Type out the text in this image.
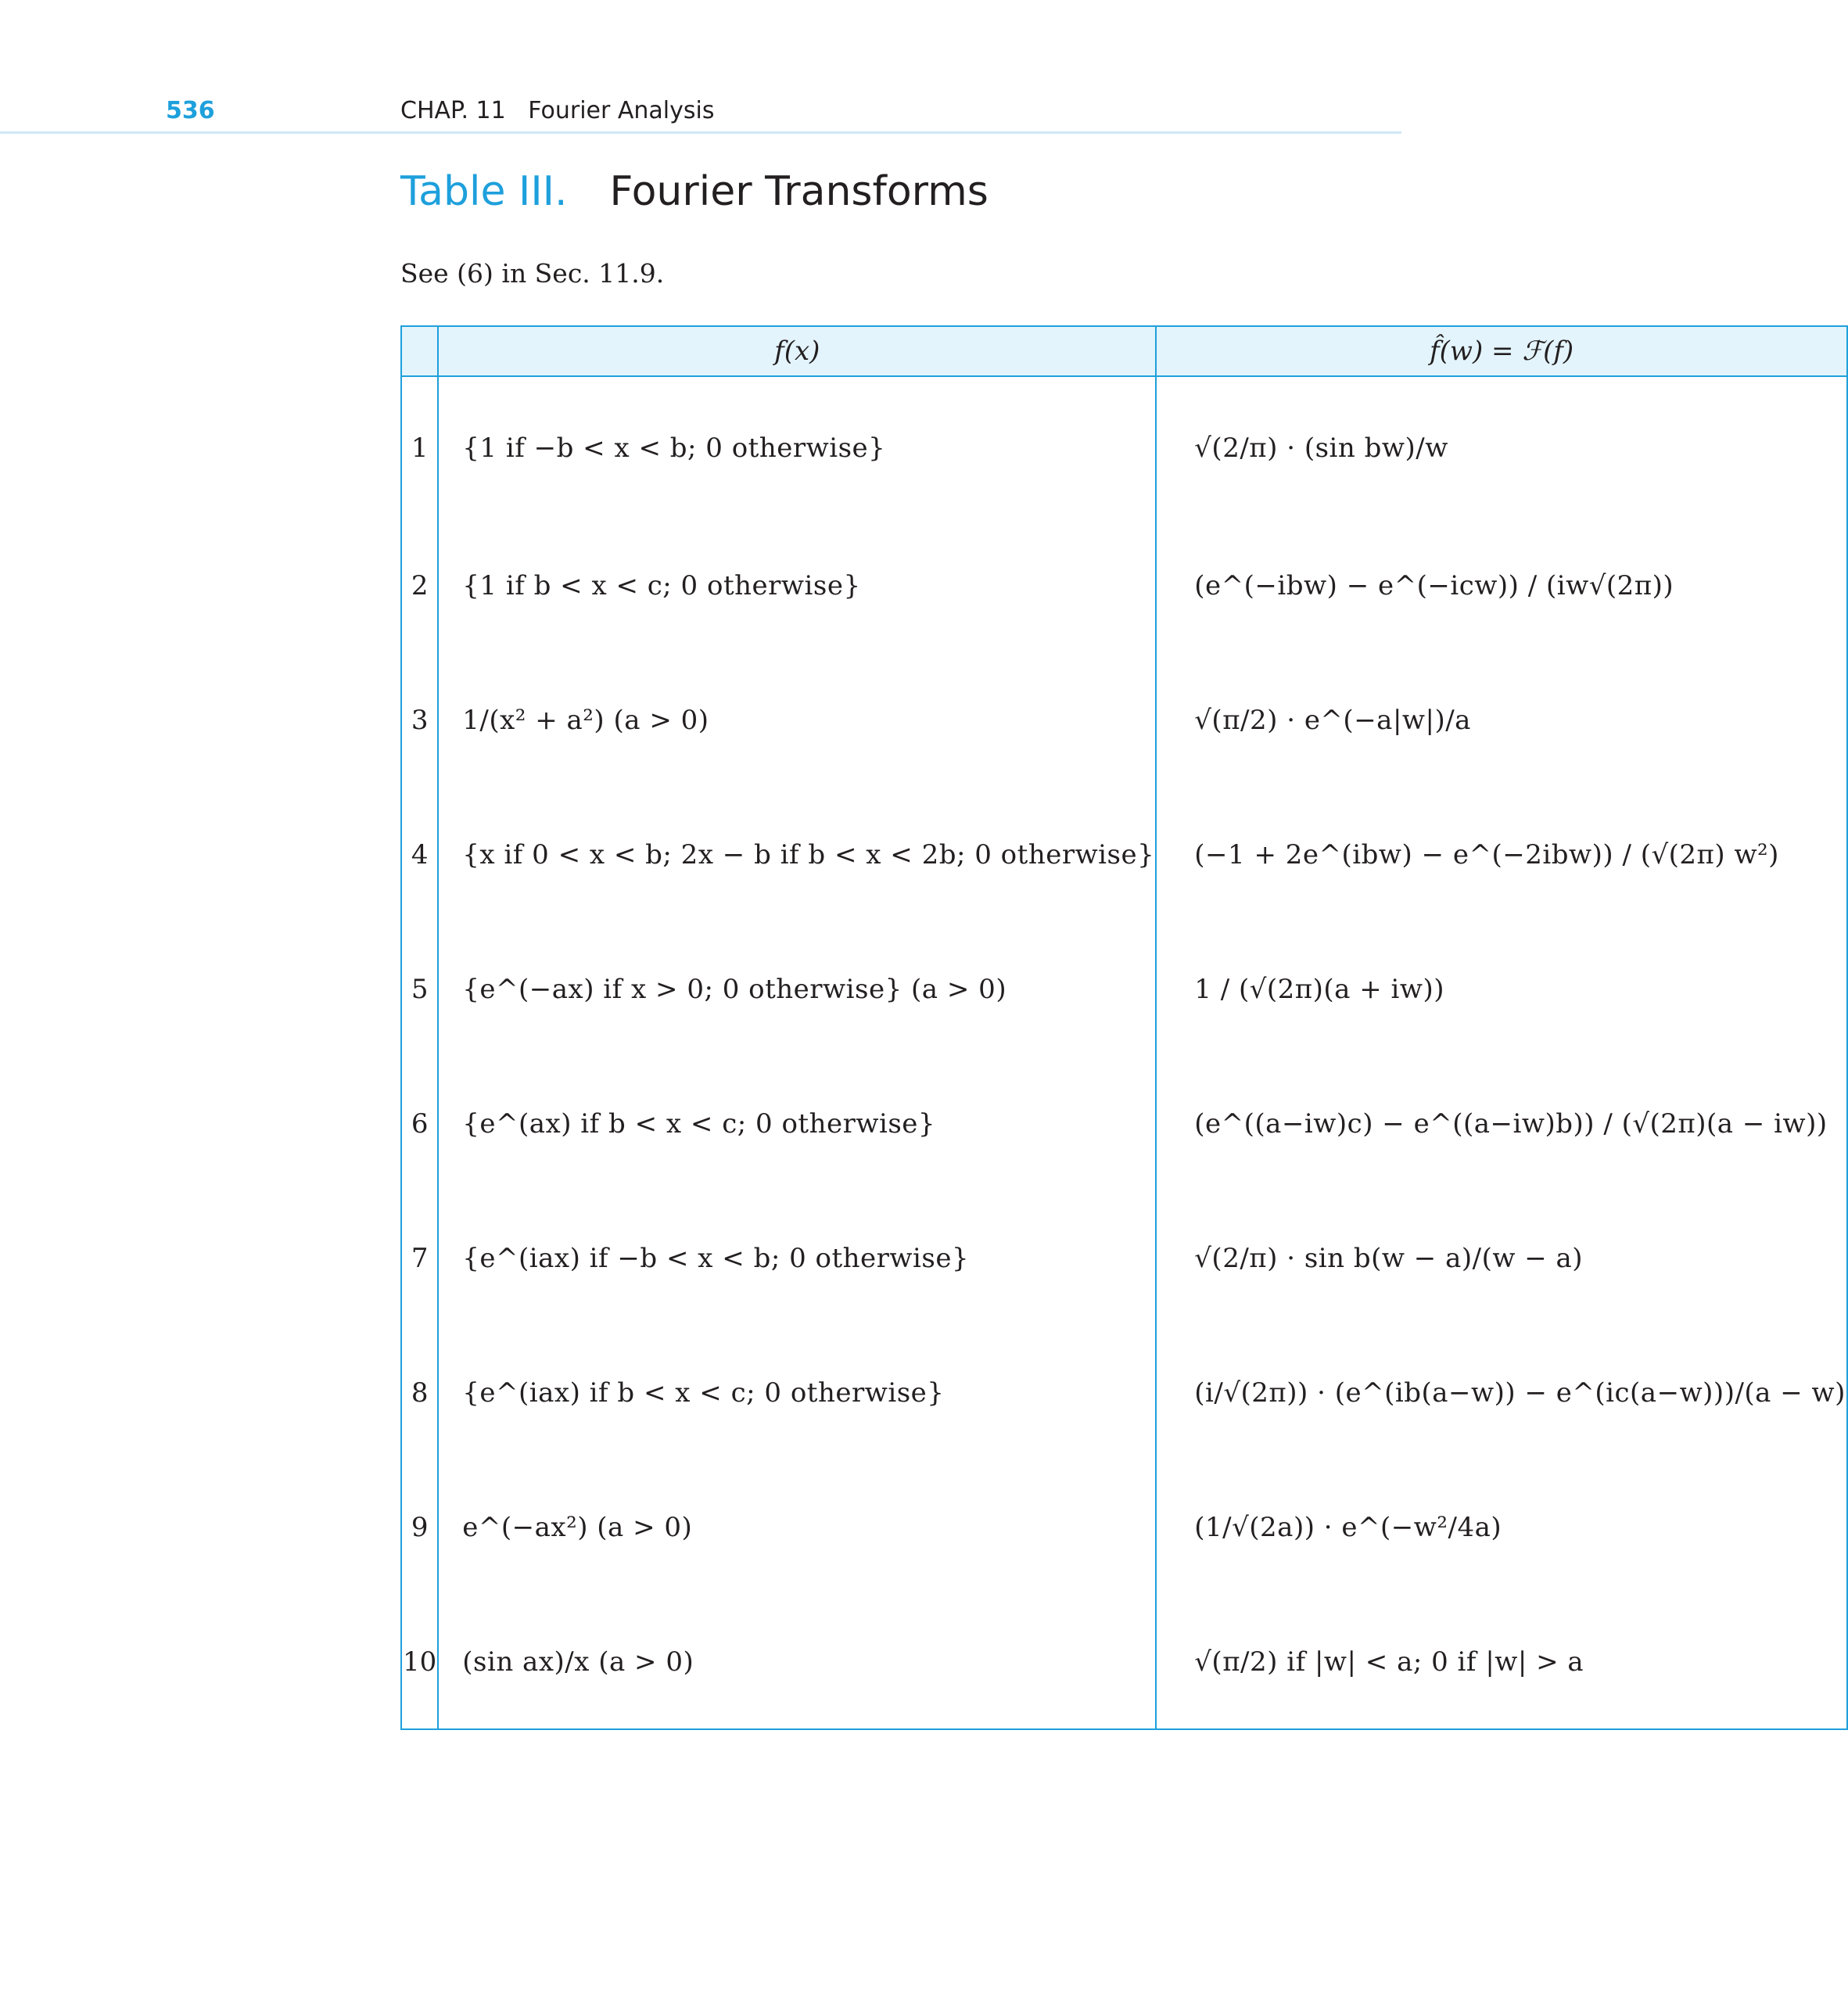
536	CHAP. 11   Fourier Analysis
Table III. Fourier Transforms
See (6) in Sec. 11.9.
	f(x)	f̂(w) = ℱ(f)
1	{1 if −b < x < b; 0 otherwise}	√(2/π) · (sin bw)/w
2	{1 if b < x < c; 0 otherwise}	(e^(−ibw) − e^(−icw)) / (iw√(2π))
3	1/(x² + a²) (a > 0)	√(π/2) · e^(−a|w|)/a
4	{x if 0 < x < b; 2x − b if b < x < 2b; 0 otherwise}	(−1 + 2e^(ibw) − e^(−2ibw)) / (√(2π) w²)
5	{e^(−ax) if x > 0; 0 otherwise} (a > 0)	1 / (√(2π)(a + iw))
6	{e^(ax) if b < x < c; 0 otherwise}	(e^((a−iw)c) − e^((a−iw)b)) / (√(2π)(a − iw))
7	{e^(iax) if −b < x < b; 0 otherwise}	√(2/π) · sin b(w − a)/(w − a)
8	{e^(iax) if b < x < c; 0 otherwise}	(i/√(2π)) · (e^(ib(a−w)) − e^(ic(a−w)))/(a − w)
9	e^(−ax²) (a > 0)	(1/√(2a)) · e^(−w²/4a)
10	(sin ax)/x (a > 0)	√(π/2) if |w| < a; 0 if |w| > a
